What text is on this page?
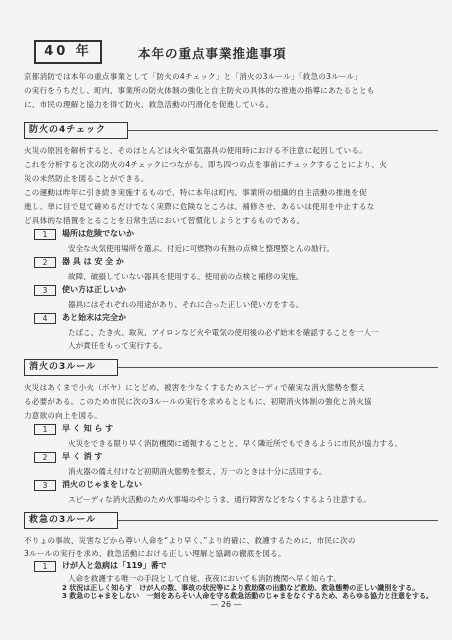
40 年	本年の重点事業推進事項
京都消防では本年の重点事業として「防火の4チェック」と「消火の3ルール」「救急の3ルール」
の実行をうちだし、町内、事業所の防火体制の強化と自主防火の具体的な推進の指導にあたるととも
に、市民の理解と協力を得て防火、救急活動の円滑化を促進している。
防火の4チェック
火災の原因を解析すると、そのほとんどは火や電気器具の使用時における不注意に起因している。
これを分析すると次の防火の4チェックにつながる。即ち四つの点を事前にチェックすることにより、火
災の未然防止を図ることができる。
この運動は昨年に引き続き実施するもので、特に本年は町内、事業所の組織的自主活動の推進を促
進し、単に目で見て確めるだけでなく実際に危険なところは、補修させ、あるいは使用を中止するな
ど具体的な措置をとることを日常生活において習慣化しようとするものである。
1	場所は危険でないか
安全な火気使用場所を選ぶ。付近に可燃物の有無の点検と整理整とんの励行。
2	器 具 は 安 全 か
故障、破損していない器具を使用する。使用前の点検と補修の実施。
3	使い方は正しいか
器具にはそれぞれの用途があり、それに合った正しい使い方をする。
4	あと始末は完全か
たばこ、たき火、取灰、アイロンなど火や電気の使用後の必ず始末を確認することを一人一
人が責任をもって実行する。
消火の3ルール
火災はあくまで小火（ボヤ）にとどめ、被害を少なくするためスピーディで確実な消火態勢を整え
る必要がある。このため市民に次の3ルールの実行を求めるとともに、初期消火体制の強化と消火協
力意欲の向上を図る。
1	早 く 知 ら す
火災をできる限り早く消防機関に通報することと、早く隣近所でもできるように市民が協力する。
2	早 く 消 す
消火器の備え付けなど初期消火態勢を整え、万一のときは十分に活用する。
3	消火のじゃまをしない
スピーディな消火活動のため火事場のやじうま、通行障害などをなくするよう注意する。
救急の3ルール
不りょの事故、災害などから尊い人命を“より早く、”より的確に、救護するために、市民に次の
3ルールの実行を求め、救急活動における正しい理解と協調の徹底を図る。
1	けが人と急病は「119」番で
人命を救護する唯一の手段として自覚、夜夜においても消防機関へ早く知らす。
— 26 —
2 状況は正しく知らす　けが人の数、事故の状況等により救助隊の出動など救助、救急態勢の正しい識別をする。
3 救急のじゃまをしない　一刻をあらそい人命を守る救急活動のじゃまをなくするため、あらゆる協力と注意をする。
